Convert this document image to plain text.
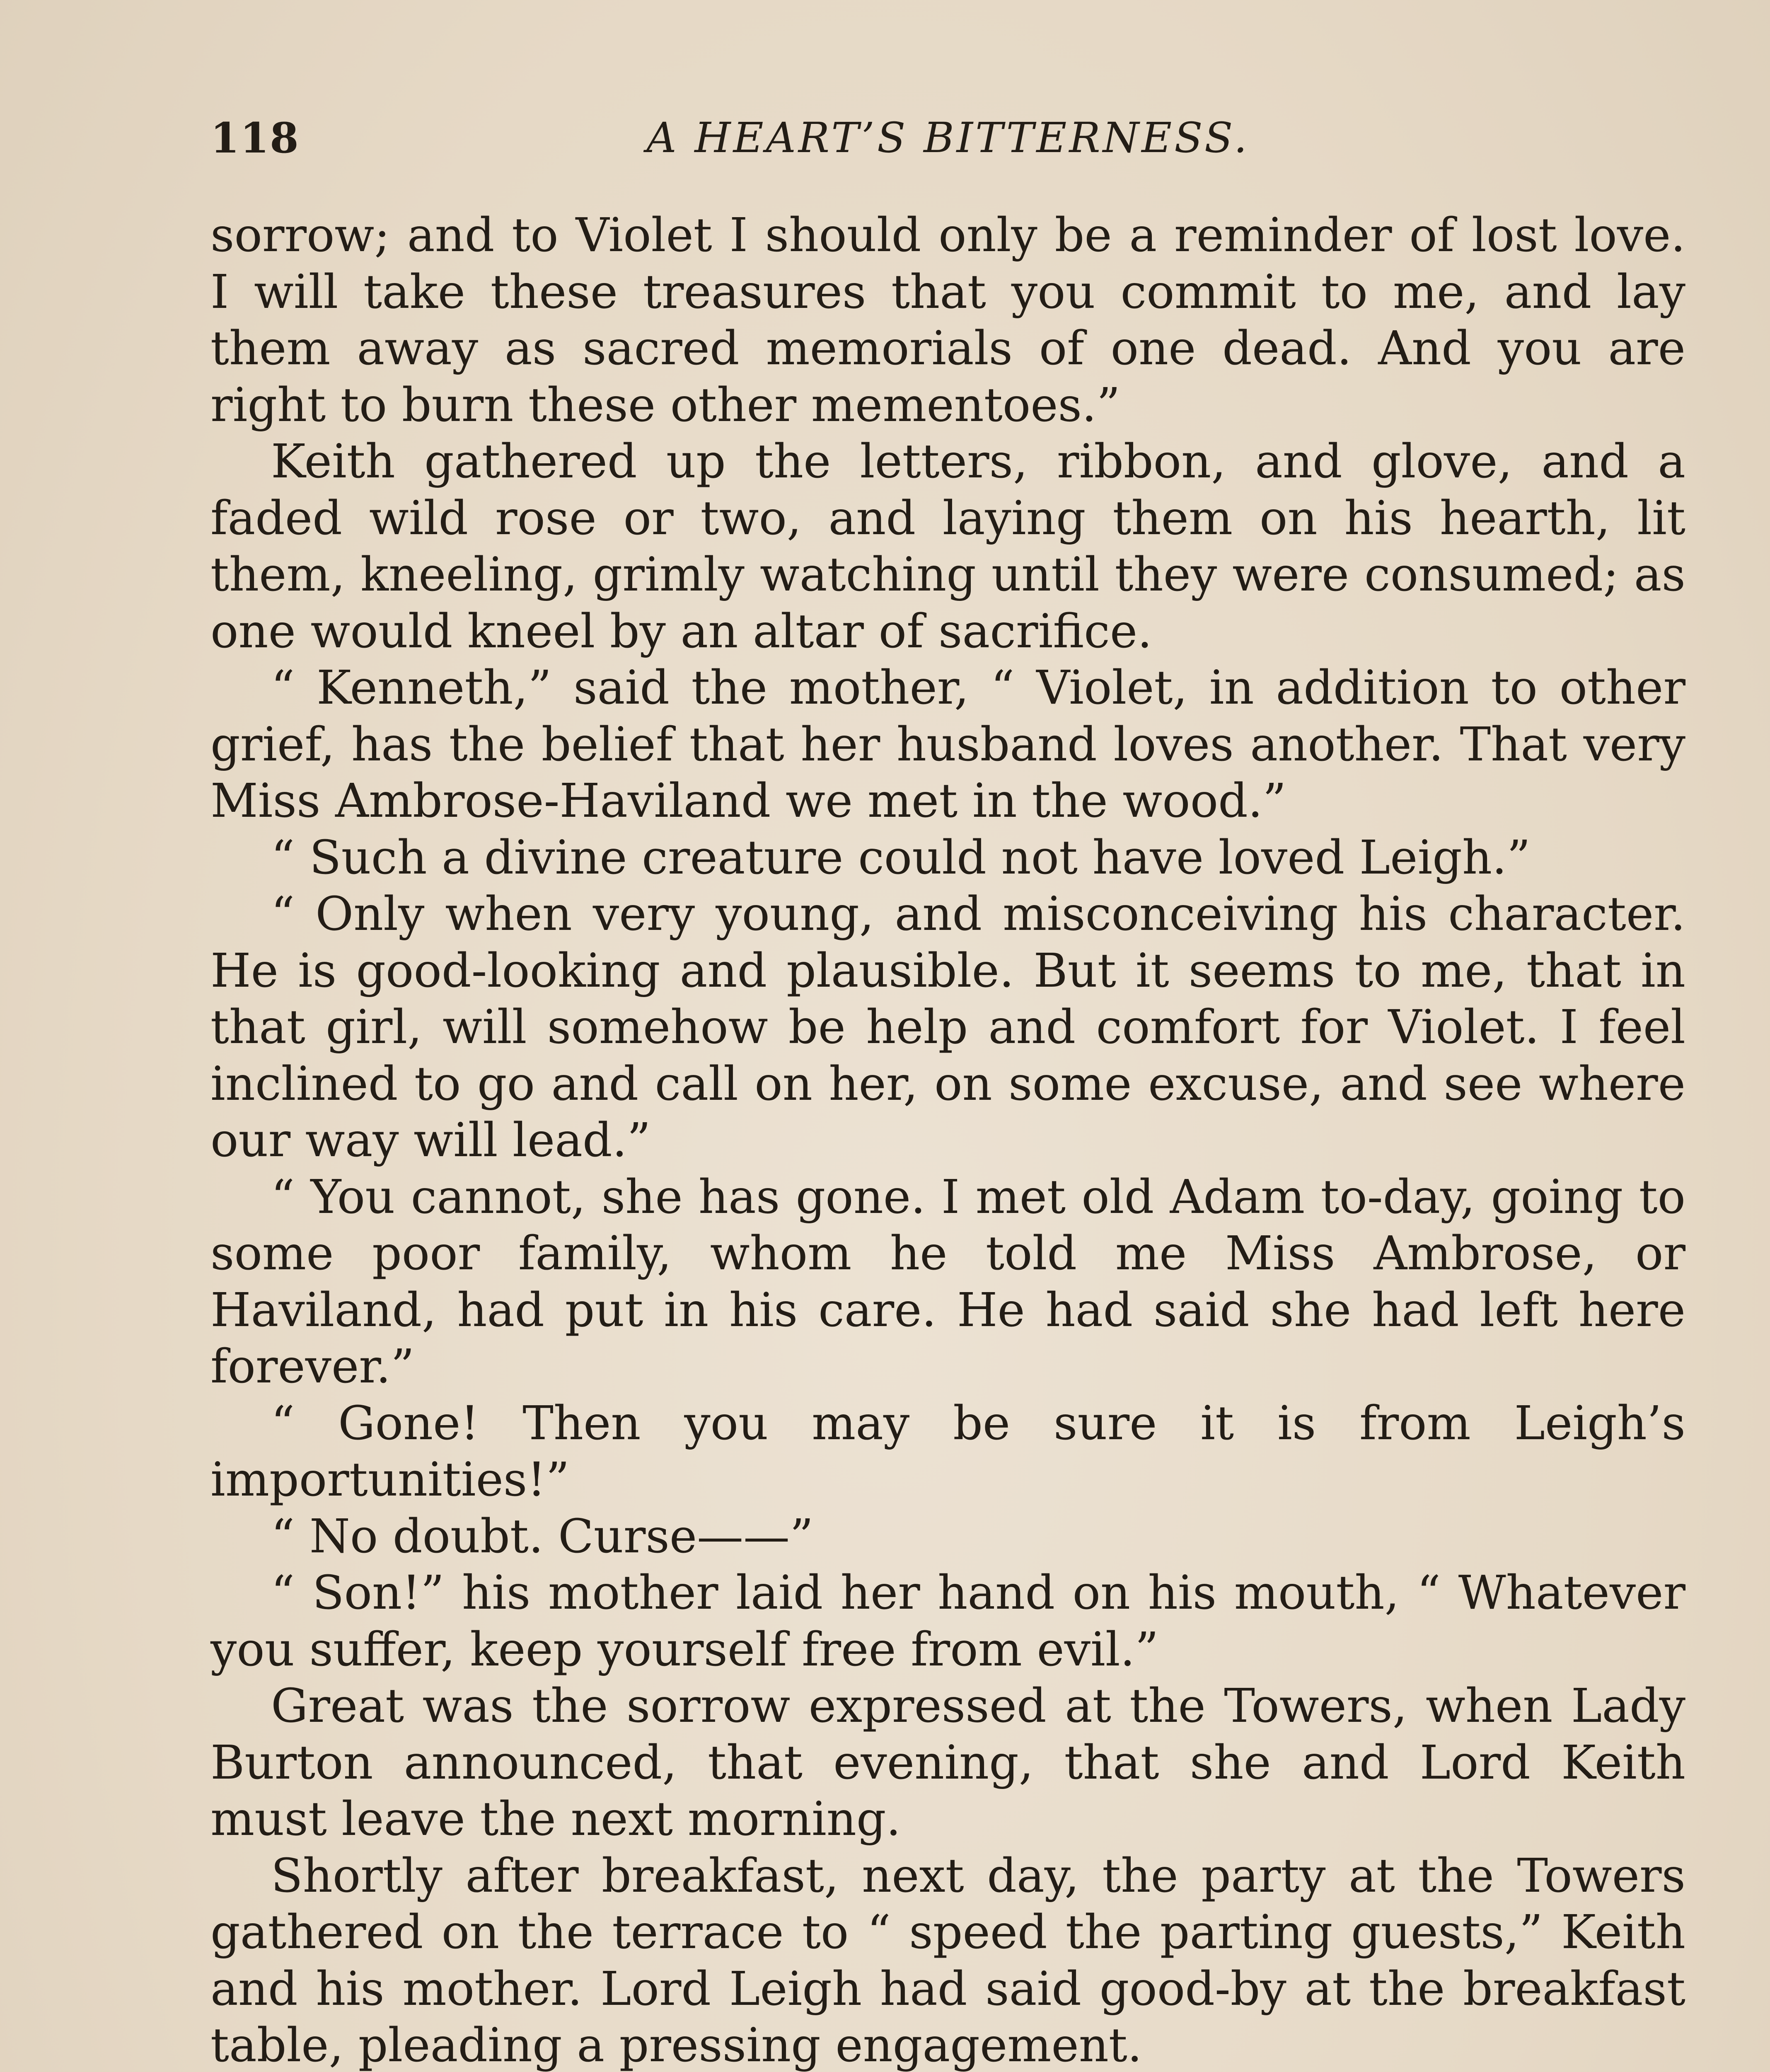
118	A HEART’S BITTERNESS.

sorrow; and to Violet I should only be a reminder of lost love. I will take these treasures that you commit to me, and lay them away as sacred memorials of one dead. And you are right to burn these other mementoes.”

Keith gathered up the letters, ribbon, and glove, and a faded wild rose or two, and laying them on his hearth, lit them, kneeling, grimly watching until they were consumed; as one would kneel by an altar of sacrifice.

“ Kenneth,” said the mother, “ Violet, in addition to other grief, has the belief that her husband loves another. That very Miss Ambrose-Haviland we met in the wood.”

“ Such a divine creature could not have loved Leigh.”

“ Only when very young, and misconceiving his character. He is good-looking and plausible. But it seems to me, that in that girl, will somehow be help and comfort for Violet. I feel inclined to go and call on her, on some excuse, and see where our way will lead.”

“ You cannot, she has gone. I met old Adam to-day, going to some poor family, whom he told me Miss Ambrose, or Haviland, had put in his care. He had said she had left here forever.”

“ Gone! Then you may be sure it is from Leigh’s importunities!”

“ No doubt. Curse——”

“ Son!” his mother laid her hand on his mouth, “ Whatever you suffer, keep yourself free from evil.”

Great was the sorrow expressed at the Towers, when Lady Burton announced, that evening, that she and Lord Keith must leave the next morning.

Shortly after breakfast, next day, the party at the Towers gathered on the terrace to “ speed the parting guests,” Keith and his mother. Lord Leigh had said good-by at the breakfast table, pleading a pressing engagement.
